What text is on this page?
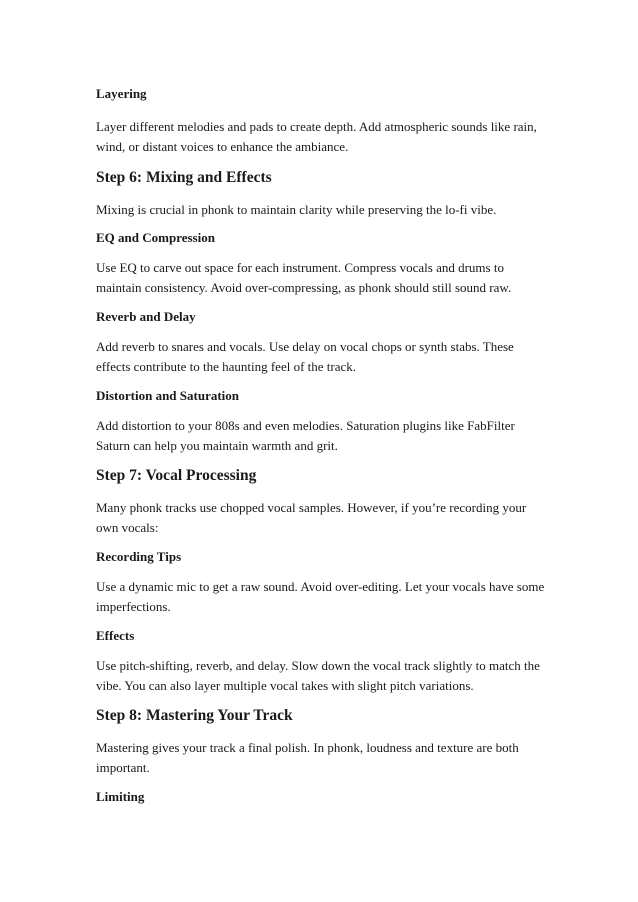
Layering
Layer different melodies and pads to create depth. Add atmospheric sounds like rain, wind, or distant voices to enhance the ambiance.
Step 6: Mixing and Effects
Mixing is crucial in phonk to maintain clarity while preserving the lo-fi vibe.
EQ and Compression
Use EQ to carve out space for each instrument. Compress vocals and drums to maintain consistency. Avoid over-compressing, as phonk should still sound raw.
Reverb and Delay
Add reverb to snares and vocals. Use delay on vocal chops or synth stabs. These effects contribute to the haunting feel of the track.
Distortion and Saturation
Add distortion to your 808s and even melodies. Saturation plugins like FabFilter Saturn can help you maintain warmth and grit.
Step 7: Vocal Processing
Many phonk tracks use chopped vocal samples. However, if you’re recording your own vocals:
Recording Tips
Use a dynamic mic to get a raw sound. Avoid over-editing. Let your vocals have some imperfections.
Effects
Use pitch-shifting, reverb, and delay. Slow down the vocal track slightly to match the vibe. You can also layer multiple vocal takes with slight pitch variations.
Step 8: Mastering Your Track
Mastering gives your track a final polish. In phonk, loudness and texture are both important.
Limiting
